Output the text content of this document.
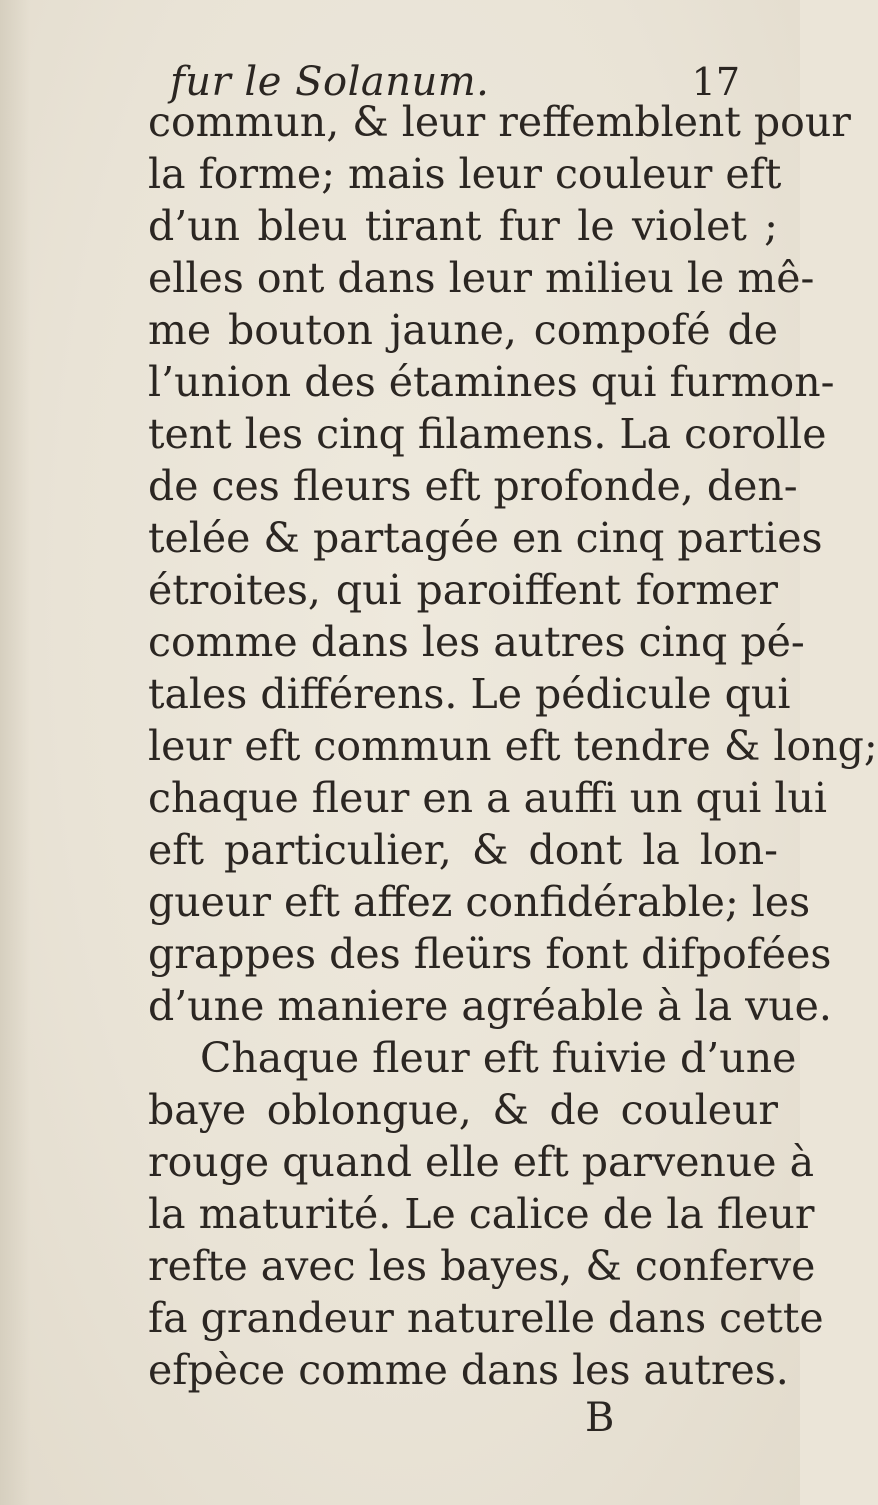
fur le Solanum.	17
commun, & leur reffemblent pour
la forme; mais leur couleur eft
d’un bleu tirant fur le violet ;
elles ont dans leur milieu le mê-
me bouton jaune, compofé de
l’union des étamines qui furmon-
tent les cinq filamens. La corolle
de ces fleurs eft profonde, den-
telée & partagée en cinq parties
étroites, qui paroiffent former
comme dans les autres cinq pé-
tales différens. Le pédicule qui
leur eft commun eft tendre & long;
chaque fleur en a auffi un qui lui
eft particulier, & dont la lon-
gueur eft affez confidérable; les
grappes des fleürs font difpofées
d’une maniere agréable à la vue.
Chaque fleur eft fuivie d’une
baye oblongue, & de couleur
rouge quand elle eft parvenue à
la maturité. Le calice de la fleur
refte avec les bayes, & conferve
fa grandeur naturelle dans cette
efpèce comme dans les autres.
B
